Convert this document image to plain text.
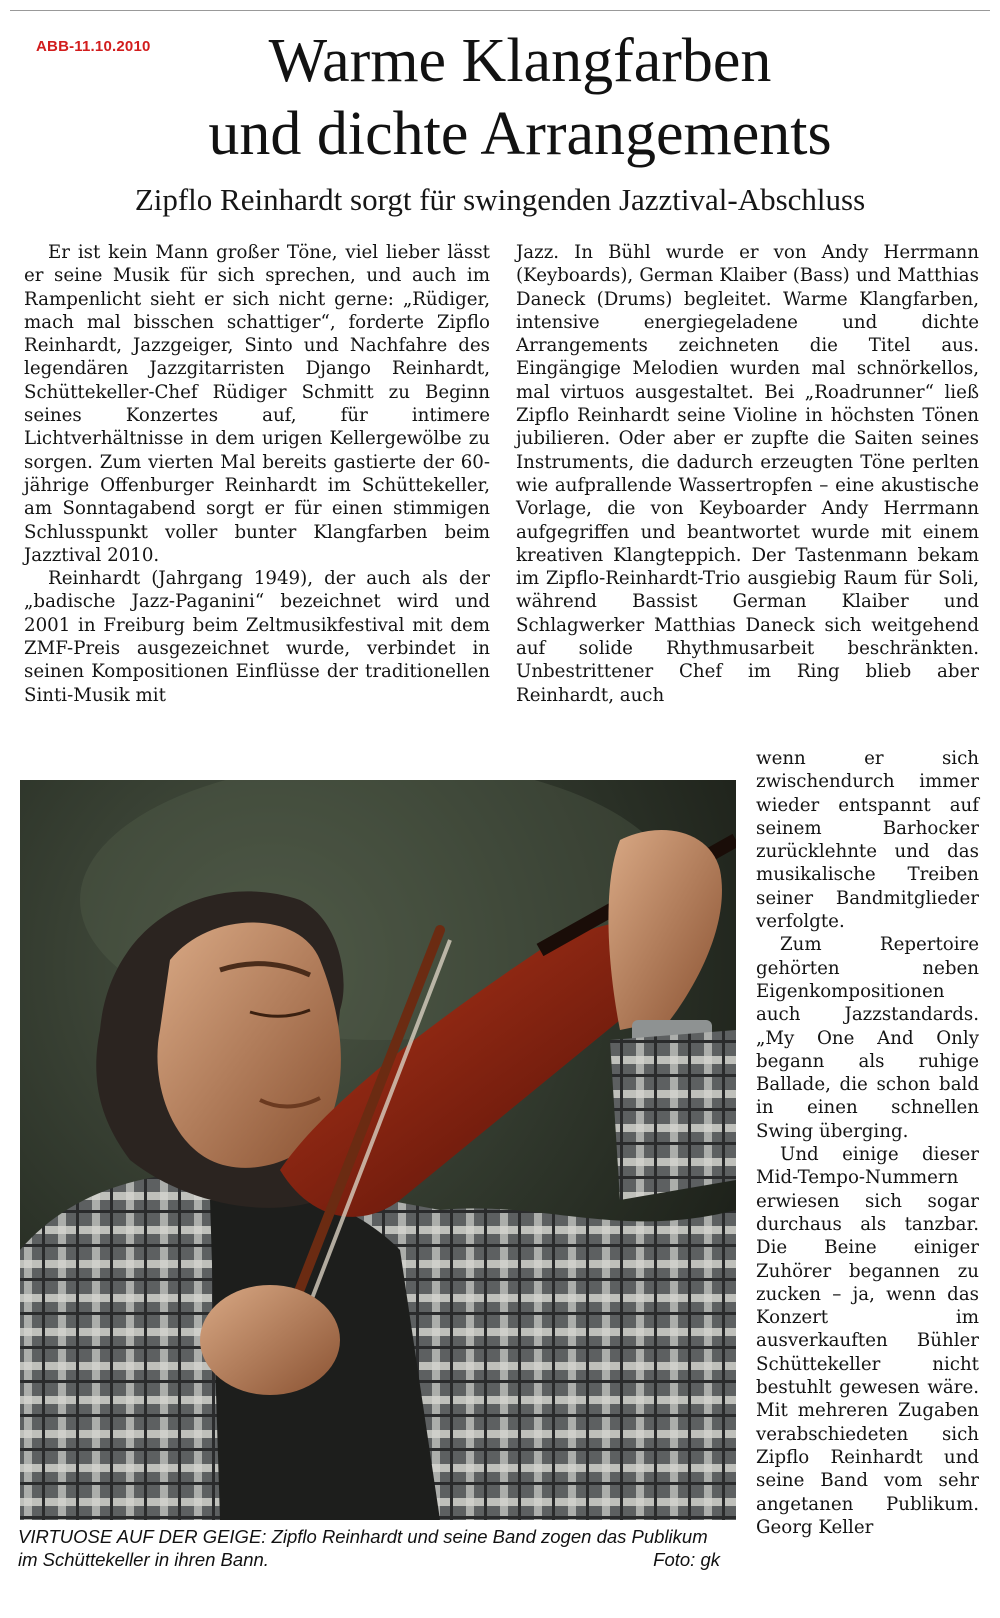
ABB-11.10.2010	Warme Klangfarben
und dichte Arrangements
Zipflo Reinhardt sorgt für swingenden Jazztival-Abschluss

Er ist kein Mann großer Töne, viel lieber lässt er seine Musik für sich sprechen, und auch im Rampenlicht sieht er sich nicht gerne: „Rüdiger, mach mal bisschen schattiger“, forderte Zipflo Reinhardt, Jazzgeiger, Sinto und Nachfahre des legendären Jazzgitarristen Django Reinhardt, Schüttekeller-Chef Rüdiger Schmitt zu Beginn seines Konzertes auf, für intimere Lichtverhältnisse in dem urigen Kellergewölbe zu sorgen. Zum vierten Mal bereits gastierte der 60-jährige Offenburger Reinhardt im Schüttekeller, am Sonntagabend sorgt er für einen stimmigen Schlusspunkt voller bunter Klangfarben beim Jazztival 2010.

Reinhardt (Jahrgang 1949), der auch als der „badische Jazz-Paganini“ bezeichnet wird und 2001 in Freiburg beim Zeltmusikfestival mit dem ZMF-Preis ausgezeichnet wurde, verbindet in seinen Kompositionen Einflüsse der traditionellen Sinti-Musik mit

Jazz. In Bühl wurde er von Andy Herrmann (Keyboards), German Klaiber (Bass) und Matthias Daneck (Drums) begleitet. Warme Klangfarben, intensive energiegeladene und dichte Arrangements zeichneten die Titel aus. Eingängige Melodien wurden mal schnörkellos, mal virtuos ausgestaltet. Bei „Roadrunner“ ließ Zipflo Reinhardt seine Violine in höchsten Tönen jubilieren. Oder aber er zupfte die Saiten seines Instruments, die dadurch erzeugten Töne perlten wie aufprallende Wassertropfen – eine akustische Vorlage, die von Keyboarder Andy Herrmann aufgegriffen und beantwortet wurde mit einem kreativen Klangteppich. Der Tastenmann bekam im Zipflo-Reinhardt-Trio ausgiebig Raum für Soli, während Bassist German Klaiber und Schlagwerker Matthias Daneck sich weitgehend auf solide Rhythmusarbeit beschränkten. Unbestrittener Chef im Ring blieb aber Reinhardt, auch

wenn er sich zwischendurch immer wieder entspannt auf seinem Barhocker zurücklehnte und das musikalische Treiben seiner Bandmitglieder verfolgte.

Zum Repertoire gehörten neben Eigenkompositionen auch Jazzstandards. „My One And Only begann als ruhige Ballade, die schon bald in einen schnellen Swing überging.

Und einige dieser Mid-Tempo-Nummern erwiesen sich sogar durchaus als tanzbar. Die Beine einiger Zuhörer begannen zu zucken – ja, wenn das Konzert im ausverkauften Bühler Schüttekeller nicht bestuhlt gewesen wäre. Mit mehreren Zugaben verabschiedeten sich Zipflo Reinhardt und seine Band vom sehr angetanen Publikum. Georg Keller

VIRTUOSE AUF DER GEIGE: Zipflo Reinhardt und seine Band zogen das Publikum im Schüttekeller in ihren Bann.	Foto: gk
